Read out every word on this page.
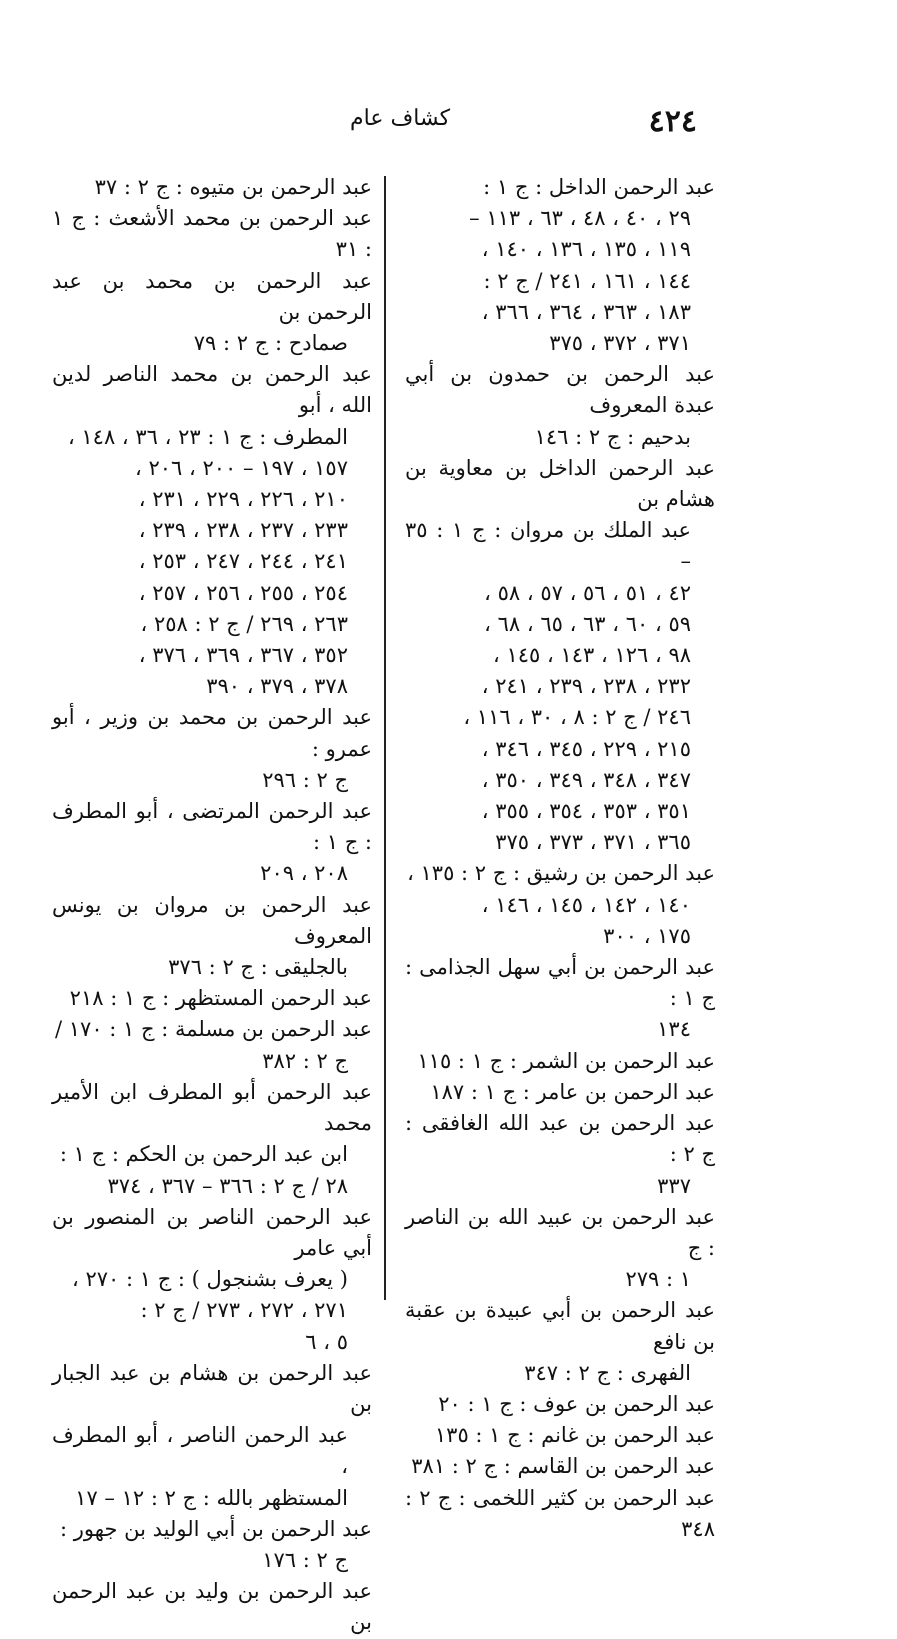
٤٢٤
كشاف عام
عبد الرحمن الداخل : ج ١ :
٢٩ ، ٤٠ ، ٤٨ ، ٦٣ ، ١١٣ –
١١٩ ، ١٣٥ ، ١٣٦ ، ١٤٠ ،
١٤٤ ، ١٦١ ، ٢٤١ / ج ٢ :
١٨٣ ، ٣٦٣ ، ٣٦٤ ، ٣٦٦ ،
٣٧١ ، ٣٧٢ ، ٣٧٥
عبد الرحمن بن حمدون بن أبي عبدة المعروف
بدحيم : ج ٢ : ١٤٦
عبد الرحمن الداخل بن معاوية بن هشام بن
عبد الملك بن مروان : ج ١ : ٣٥ –
٤٢ ، ٥١ ، ٥٦ ، ٥٧ ، ٥٨ ،
٥٩ ، ٦٠ ، ٦٣ ، ٦٥ ، ٦٨ ،
٩٨ ، ١٢٦ ، ١٤٣ ، ١٤٥ ،
٢٣٢ ، ٢٣٨ ، ٢٣٩ ، ٢٤١ ،
٢٤٦ / ج ٢ : ٨ ، ٣٠ ، ١١٦ ،
٢١٥ ، ٢٢٩ ، ٣٤٥ ، ٣٤٦ ،
٣٤٧ ، ٣٤٨ ، ٣٤٩ ، ٣٥٠ ،
٣٥١ ، ٣٥٣ ، ٣٥٤ ، ٣٥٥ ،
٣٦٥ ، ٣٧١ ، ٣٧٣ ، ٣٧٥
عبد الرحمن بن رشيق : ج ٢ : ١٣٥ ،
١٤٠ ، ١٤٢ ، ١٤٥ ، ١٤٦ ،
١٧٥ ، ٣٠٠
عبد الرحمن بن أبي سهل الجذامى : ج ١ :
١٣٤
عبد الرحمن بن الشمر : ج ١ : ١١٥
عبد الرحمن بن عامر : ج ١ : ١٨٧
عبد الرحمن بن عبد الله الغافقى : ج ٢ :
٣٣٧
عبد الرحمن بن عبيد الله بن الناصر : ج
١ : ٢٧٩
عبد الرحمن بن أبي عبيدة بن عقبة بن نافع
الفهرى : ج ٢ : ٣٤٧
عبد الرحمن بن عوف : ج ١ : ٢٠
عبد الرحمن بن غانم : ج ١ : ١٣٥
عبد الرحمن بن القاسم : ج ٢ : ٣٨١
عبد الرحمن بن كثير اللخمى : ج ٢ : ٣٤٨
عبد الرحمن بن متيوه : ج ٢ : ٣٧
عبد الرحمن بن محمد الأشعث : ج ١ : ٣١
عبد الرحمن بن محمد بن عبد الرحمن بن
صمادح : ج ٢ : ٧٩
عبد الرحمن بن محمد الناصر لدين الله ، أبو
المطرف : ج ١ : ٢٣ ، ٣٦ ، ١٤٨ ،
١٥٧ ، ١٩٧ – ٢٠٠ ، ٢٠٦ ،
٢١٠ ، ٢٢٦ ، ٢٢٩ ، ٢٣١ ،
٢٣٣ ، ٢٣٧ ، ٢٣٨ ، ٢٣٩ ،
٢٤١ ، ٢٤٤ ، ٢٤٧ ، ٢٥٣ ،
٢٥٤ ، ٢٥٥ ، ٢٥٦ ، ٢٥٧ ،
٢٦٣ ، ٢٦٩ / ج ٢ : ٢٥٨ ،
٣٥٢ ، ٣٦٧ ، ٣٦٩ ، ٣٧٦ ،
٣٧٨ ، ٣٧٩ ، ٣٩٠
عبد الرحمن بن محمد بن وزير ، أبو عمرو :
ج ٢ : ٢٩٦
عبد الرحمن المرتضى ، أبو المطرف : ج ١ :
٢٠٨ ، ٢٠٩
عبد الرحمن بن مروان بن يونس المعروف
بالجليقى : ج ٢ : ٣٧٦
عبد الرحمن المستظهر : ج ١ : ٢١٨
عبد الرحمن بن مسلمة : ج ١ : ١٧٠ /
ج ٢ : ٣٨٢
عبد الرحمن أبو المطرف ابن الأمير محمد
ابن عبد الرحمن بن الحكم : ج ١ :
٢٨ / ج ٢ : ٣٦٦ – ٣٦٧ ، ٣٧٤
عبد الرحمن الناصر بن المنصور بن أبي عامر
( يعرف بشنجول ) : ج ١ : ٢٧٠ ،
٢٧١ ، ٢٧٢ ، ٢٧٣ / ج ٢ :
٥ ، ٦
عبد الرحمن بن هشام بن عبد الجبار بن
عبد الرحمن الناصر ، أبو المطرف ،
المستظهر بالله : ج ٢ : ١٢ – ١٧
عبد الرحمن بن أبي الوليد بن جهور :
ج ٢ : ١٧٦
عبد الرحمن بن وليد بن عبد الرحمن بن
